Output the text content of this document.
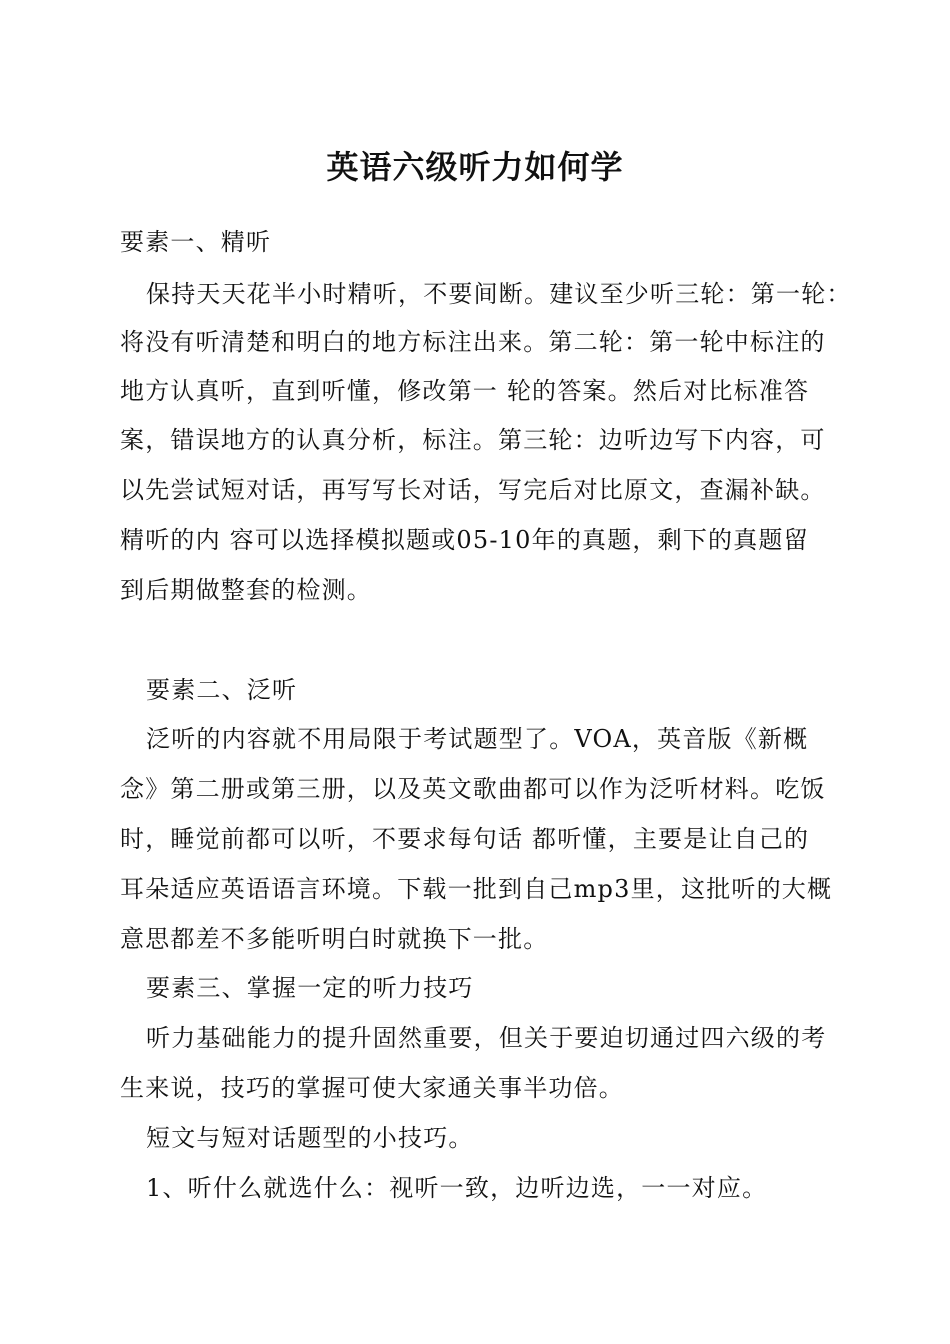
英语六级听力如何学
要素一、精听
保持天天花半小时精听，不要间断。建议至少听三轮：第一轮：
将没有听清楚和明白的地方标注出来。第二轮：第一轮中标注的
地方认真听，直到听懂，修改第一 轮的答案。然后对比标准答
案，错误地方的认真分析，标注。第三轮：边听边写下内容，可
以先尝试短对话，再写写长对话，写完后对比原文，查漏补缺。
精听的内 容可以选择模拟题或05-10年的真题，剩下的真题留
到后期做整套的检测。
要素二、泛听
泛听的内容就不用局限于考试题型了。VOA，英音版《新概
念》第二册或第三册，以及英文歌曲都可以作为泛听材料。吃饭
时，睡觉前都可以听，不要求每句话 都听懂，主要是让自己的
耳朵适应英语语言环境。下载一批到自己mp3里，这批听的大概
意思都差不多能听明白时就换下一批。
要素三、掌握一定的听力技巧
听力基础能力的提升固然重要，但关于要迫切通过四六级的考
生来说，技巧的掌握可使大家通关事半功倍。
短文与短对话题型的小技巧。
1、听什么就选什么：视听一致，边听边选，一一对应。
